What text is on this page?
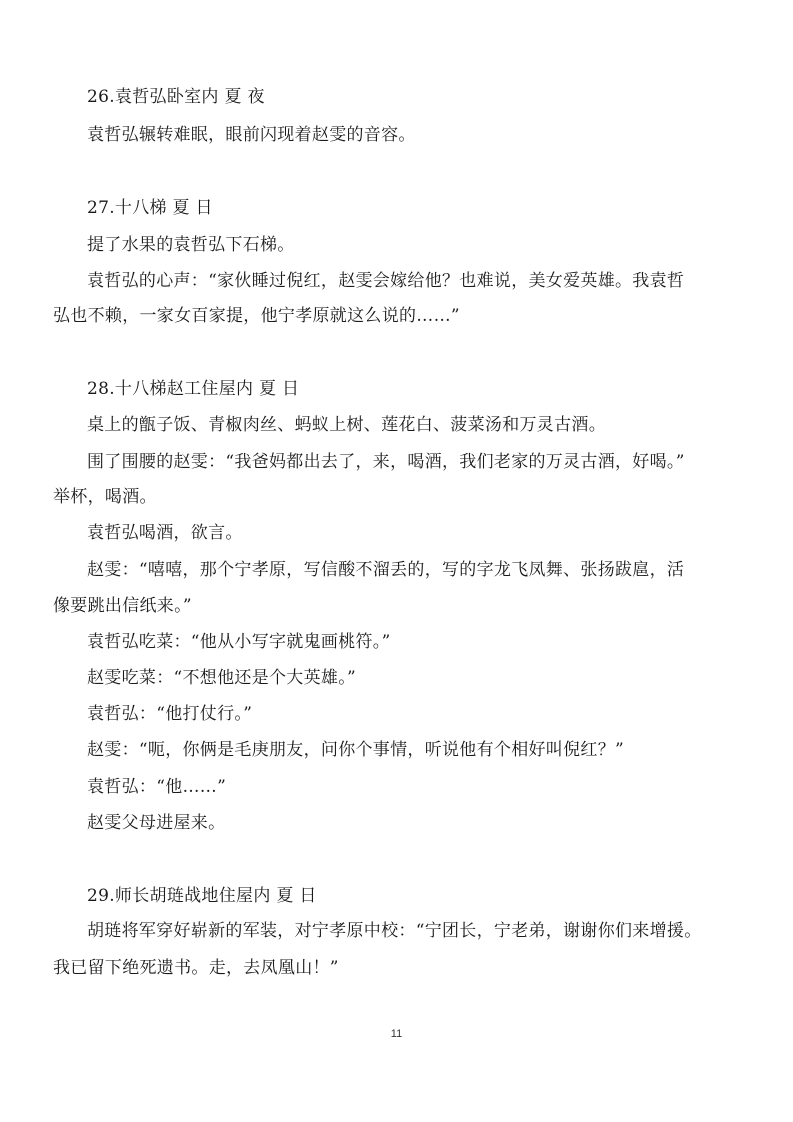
26.袁哲弘卧室内 夏 夜
袁哲弘辗转难眠，眼前闪现着赵雯的音容。
27.十八梯 夏 日
提了水果的袁哲弘下石梯。
袁哲弘的心声：“家伙睡过倪红，赵雯会嫁给他？也难说，美女爱英雄。我袁哲
弘也不赖，一家女百家提，他宁孝原就这么说的……”
28.十八梯赵工住屋内 夏 日
桌上的甑子饭、青椒肉丝、蚂蚁上树、莲花白、菠菜汤和万灵古酒。
围了围腰的赵雯：“我爸妈都出去了，来，喝酒，我们老家的万灵古酒，好喝。”
举杯，喝酒。
袁哲弘喝酒，欲言。
赵雯：“嘻嘻，那个宁孝原，写信酸不溜丢的，写的字龙飞凤舞、张扬跋扈，活
像要跳出信纸来。”
袁哲弘吃菜：“他从小写字就鬼画桃符。”
赵雯吃菜：“不想他还是个大英雄。”
袁哲弘：“他打仗行。”
赵雯：“呃，你俩是毛庚朋友，问你个事情，听说他有个相好叫倪红？”
袁哲弘：“他……”
赵雯父母进屋来。
29.师长胡琏战地住屋内 夏 日
胡琏将军穿好崭新的军装，对宁孝原中校：“宁团长，宁老弟，谢谢你们来增援。
我已留下绝死遗书。走，去凤凰山！”
11
